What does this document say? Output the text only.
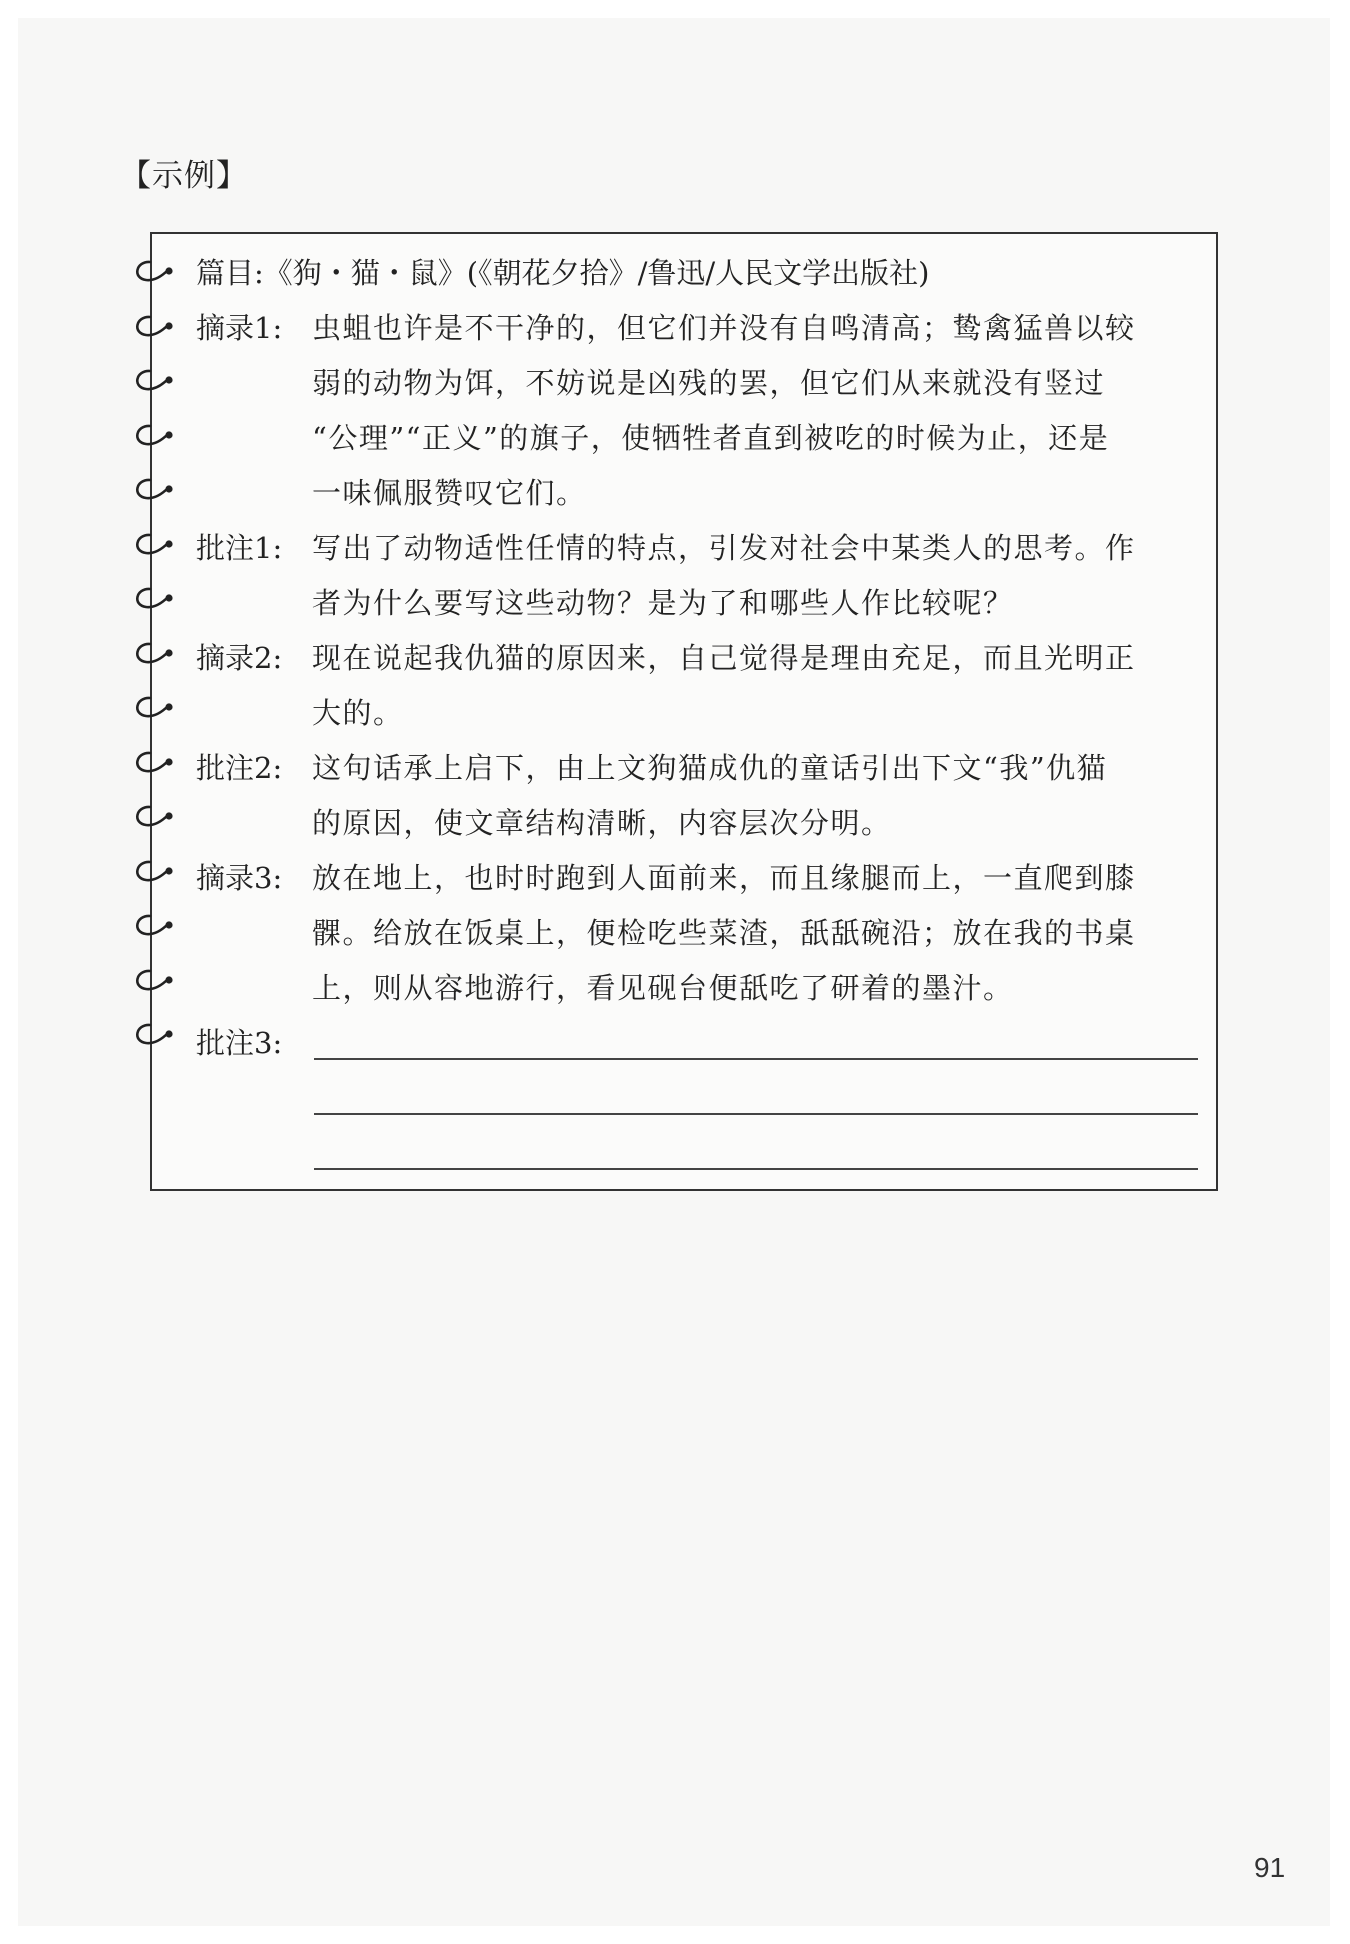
【示例】
篇目:《狗・猫・鼠》(《朝花夕拾》/鲁迅/人民文学出版社)
摘录1: 虫蛆也许是不干净的，但它们并没有自鸣清高；鸷禽猛兽以较
弱的动物为饵，不妨说是凶残的罢，但它们从来就没有竖过
“公理”“正义”的旗子，使牺牲者直到被吃的时候为止，还是
一味佩服赞叹它们。
批注1: 写出了动物适性任情的特点，引发对社会中某类人的思考。作
者为什么要写这些动物？是为了和哪些人作比较呢？
摘录2: 现在说起我仇猫的原因来，自己觉得是理由充足，而且光明正
大的。
批注2: 这句话承上启下，由上文狗猫成仇的童话引出下文“我”仇猫
的原因，使文章结构清晰，内容层次分明。
摘录3: 放在地上，也时时跑到人面前来，而且缘腿而上，一直爬到膝
髁。给放在饭桌上，便检吃些菜渣，舐舐碗沿；放在我的书桌
上，则从容地游行，看见砚台便舐吃了研着的墨汁。
批注3:
91
